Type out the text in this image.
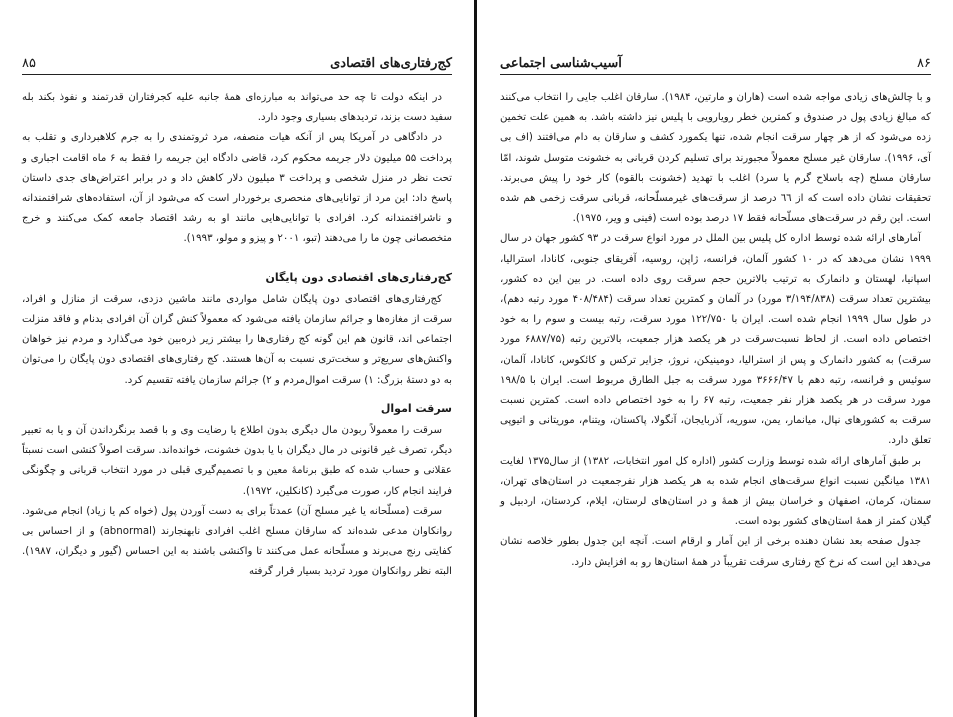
کج‌رفتاری‌های اقتصادی
۸۵

در اینکه دولت تا چه حد می‌تواند به مبارزه‌ای همهٔ جانبه علیه کجرفتاران قدرتمند و نفوذ بکند بله سفید دست بزند، تردیدهای بسیاری وجود دارد.

در دادگاهی در آمریکا پس از آنکه هیات منصفه، مرد ثروتمندی را به جرم کلاهبرداری و تقلب به پرداخت ۵۵ میلیون دلار جریمه محکوم کرد، قاضی دادگاه این جریمه را فقط به ۶ ماه اقامت اجباری و تحت نظر در منزل شخصی و پرداخت ۳ میلیون دلار کاهش داد و در برابر اعتراض‌های جدی داستان پاسخ داد: این مرد از توانایی‌های منحصری برخوردار است که می‌شود از آن، استفاده‌های شرافتمندانه و ناشرافتمندانه کرد. افرادی با توانایی‌هایی مانند او به رشد اقتصاد جامعه کمک می‌کنند و خرج متخصصانی چون ما را می‌دهند (تبو، ۲۰۰۱ و پیزو و مولو، ۱۹۹۳).

کج‌رفتاری‌های اقتصادی دون پایگان

کج‌رفتاری‌های اقتصادی دون پایگان شامل مواردی مانند ماشین دزدی، سرقت از منازل و افراد، سرقت از مغازه‌ها و جرائم سازمان یافته می‌شود که معمولاً کنش گران آن افرادی بدنام و فاقد منزلت اجتماعی اند، قانون هم این گونه کج رفتاری‌ها را بیشتر زیر ذره‌بین خود می‌گذارد و مردم نیز خواهان واکنش‌های سریع‌تر و سخت‌تری نسبت به آن‌ها هستند. کج رفتاری‌های اقتصادی دون پایگان را می‌توان به دو دستهٔ بزرگ: ۱) سرقت اموال‌مردم و ۲) جرائم سازمان یافته تقسیم کرد.

سرقت اموال

سرقت را معمولاً ربودن مال دیگری بدون اطلاع یا رضایت وی و با قصد برنگرداندن آن و یا به تعبیر دیگر، تصرف غیر قانونی در مال دیگران با یا بدون خشونت، خوانده‌اند. سرقت اصولاً کنشی است نسبتاً عقلانی و حساب شده که طبق برنامهٔ معین و با تصمیم‌گیری قبلی در مورد انتخاب قربانی و چگونگی فرایند انجام کار، صورت می‌گیرد (کانکلین، ۱۹۷۲).

سرقت (مسلّحانه یا غیر مسلح آن) عمدتاً برای به دست آوردن پول (خواه کم یا زیاد) انجام می‌شود. روانکاوان مدعی شده‌اند که سارقان مسلح اغلب افرادی نابهنجارند (abnormal) و از احساس بی کفایتی رنج می‌برند و مسلّحانه عمل می‌کنند تا واکنشی باشند به این احساس (گیور و دیگران، ۱۹۸۷). البته نظر روانکاوان مورد تردید بسیار قرار گرفته

۸۶
آسیب‌شناسی اجتماعی

و با چالش‌های زیادی مواجه شده است (هاران و مارتین، ۱۹۸۴). سارقان اغلب جایی را انتخاب می‌کنند که مبالغ زیادی پول در صندوق و کمترین خطر رویارویی با پلیس نیز داشته باشد. به همین علت تخمین زده می‌شود که از هر چهار سرقت انجام شده، تنها یکمورد کشف و سارقان به دام می‌افتند (اف بی آی، ۱۹۹۶). سارقان غیر مسلح معمولاً مجبورند برای تسلیم کردن قربانی به خشونت متوسل شوند، امّا سارقان مسلح (چه باسلاح گرم یا سرد) اغلب با تهدید (خشونت بالقوه) کار خود را پیش می‌برند. تحقیقات نشان داده است که از ٦٦ درصد از سرقت‌های غیرمسلّحانه، قربانی سرقت زخمی هم شده است. این رقم در سرقت‌های مسلّحانه فقط ١٧ درصد بوده است (فینی و ویر، ١٩٧٥).

آمارهای ارائه شده توسط اداره کل پلیس بین الملل در مورد انواع سرقت در ۹۳ کشور جهان در سال ۱۹۹۹ نشان می‌دهد که در ۱۰ کشور آلمان، فرانسه، ژاپن، روسیه، آفریقای جنوبی، کانادا، استرالیا، اسپانیا، لهستان و دانمارک به ترتیب بالاترین حجم سرقت روی داده است. در بین این ده کشور، بیشترین تعداد سرقت (۳/۱۹۴/۸۳۸ مورد) در آلمان و کمترین تعداد سرقت (۴۰۸/۴۸۴ مورد رتبه دهم)، در طول سال ۱۹۹۹ انجام شده است. ایران با ۱۲۲/۷۵۰ مورد سرقت، رتبه بیست و سوم را به خود اختصاص داده است. از لحاظ نسبت‌سرقت در هر یکصد هزار جمعیت، بالاترین رتبه (۶۸۸۷/۷۵ مورد سرقت) به کشور دانمارک و پس از استرالیا، دومینیکن، نروژ، جزایر ترکس و کائکوس، کانادا، آلمان، سوئیس و فرانسه، رتبه دهم با ۳۶۶۶/۴۷ مورد سرقت به جبل الطارق مربوط است. ایران با ۱۹۸/۵ مورد سرقت در هر یکصد هزار نفر جمعیت، رتبه ۶۷ را به خود اختصاص داده است. کمترین نسبت سرقت به کشورهای نپال، میانمار، یمن، سوریه، آذربایجان، آنگولا، پاکستان، ویتنام، موریتانی و اتیوپی تعلق دارد.

بر طبق آمارهای ارائه شده توسط وزارت کشور (اداره کل امور انتخابات، ۱۳۸۲) از سال۱۳۷۵ لغایت ۱۳۸۱ میانگین نسبت انواع سرقت‌های انجام شده به هر یکصد هزار نفرجمعیت در استان‌های تهران، سمنان، کرمان، اصفهان و خراسان بیش از همهٔ و در استان‌های لرستان، ایلام، کردستان، اردبیل و گیلان کمتر از همهٔ استان‌های کشور بوده است.

جدول صفحه بعد نشان دهنده برخی از این آمار و ارقام است. آنچه این جدول بطور خلاصه نشان می‌دهد این است که نرخ کج رفتاری سرقت تقریباً در همهٔ استان‌ها رو به افزایش دارد.
